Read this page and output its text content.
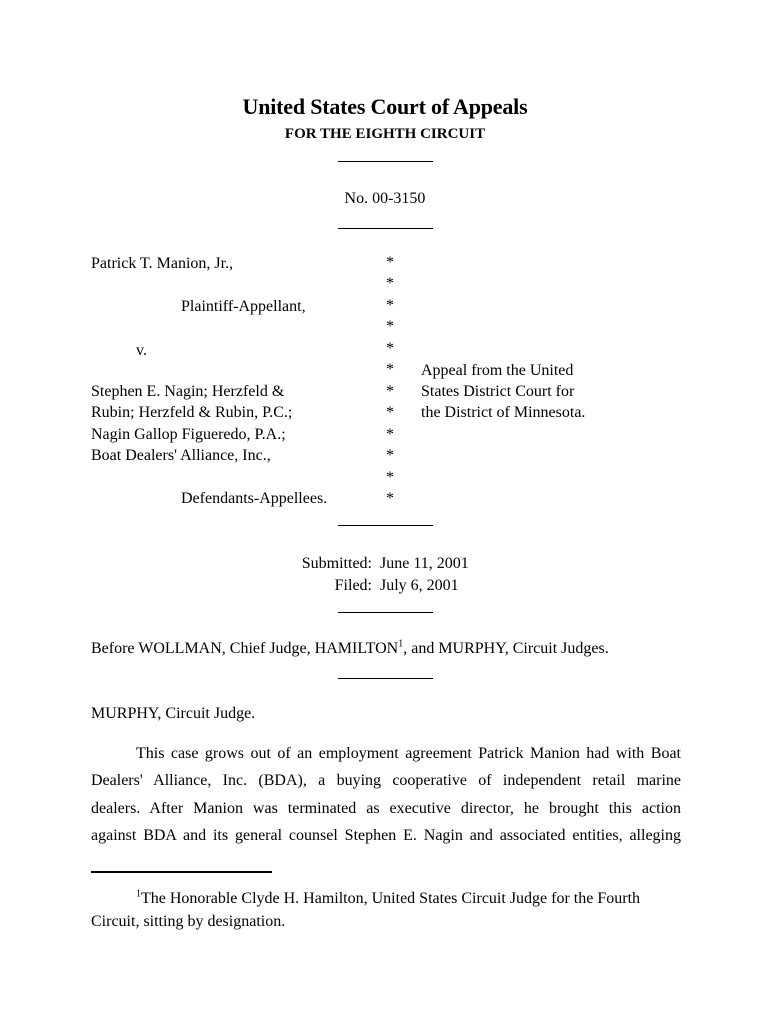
United States Court of Appeals
FOR THE EIGHTH CIRCUIT
No. 00-3150
Patrick T. Manion, Jr.,
Plaintiff-Appellant,
v.
Stephen E. Nagin; Herzfeld &
Rubin; Herzfeld & Rubin, P.C.;
Nagin Gallop Figueredo, P.A.;
Boat Dealers' Alliance, Inc.,
Defendants-Appellees.
*
*
*
*
*
*
*
*
*
*
*
*
Appeal from the United
States District Court for
the District of Minnesota.
Submitted: June 11, 2001
Filed: July 6, 2001
Before WOLLMAN, Chief Judge, HAMILTON$^1$, and MURPHY, Circuit Judges.
MURPHY, Circuit Judge.
This case grows out of an employment agreement Patrick Manion had with Boat
Dealers' Alliance, Inc. (BDA), a buying cooperative of independent retail marine
dealers. After Manion was terminated as executive director, he brought this action
against BDA and its general counsel Stephen E. Nagin and associated entities, alleging
$^1$The Honorable Clyde H. Hamilton, United States Circuit Judge for the Fourth
Circuit, sitting by designation.
